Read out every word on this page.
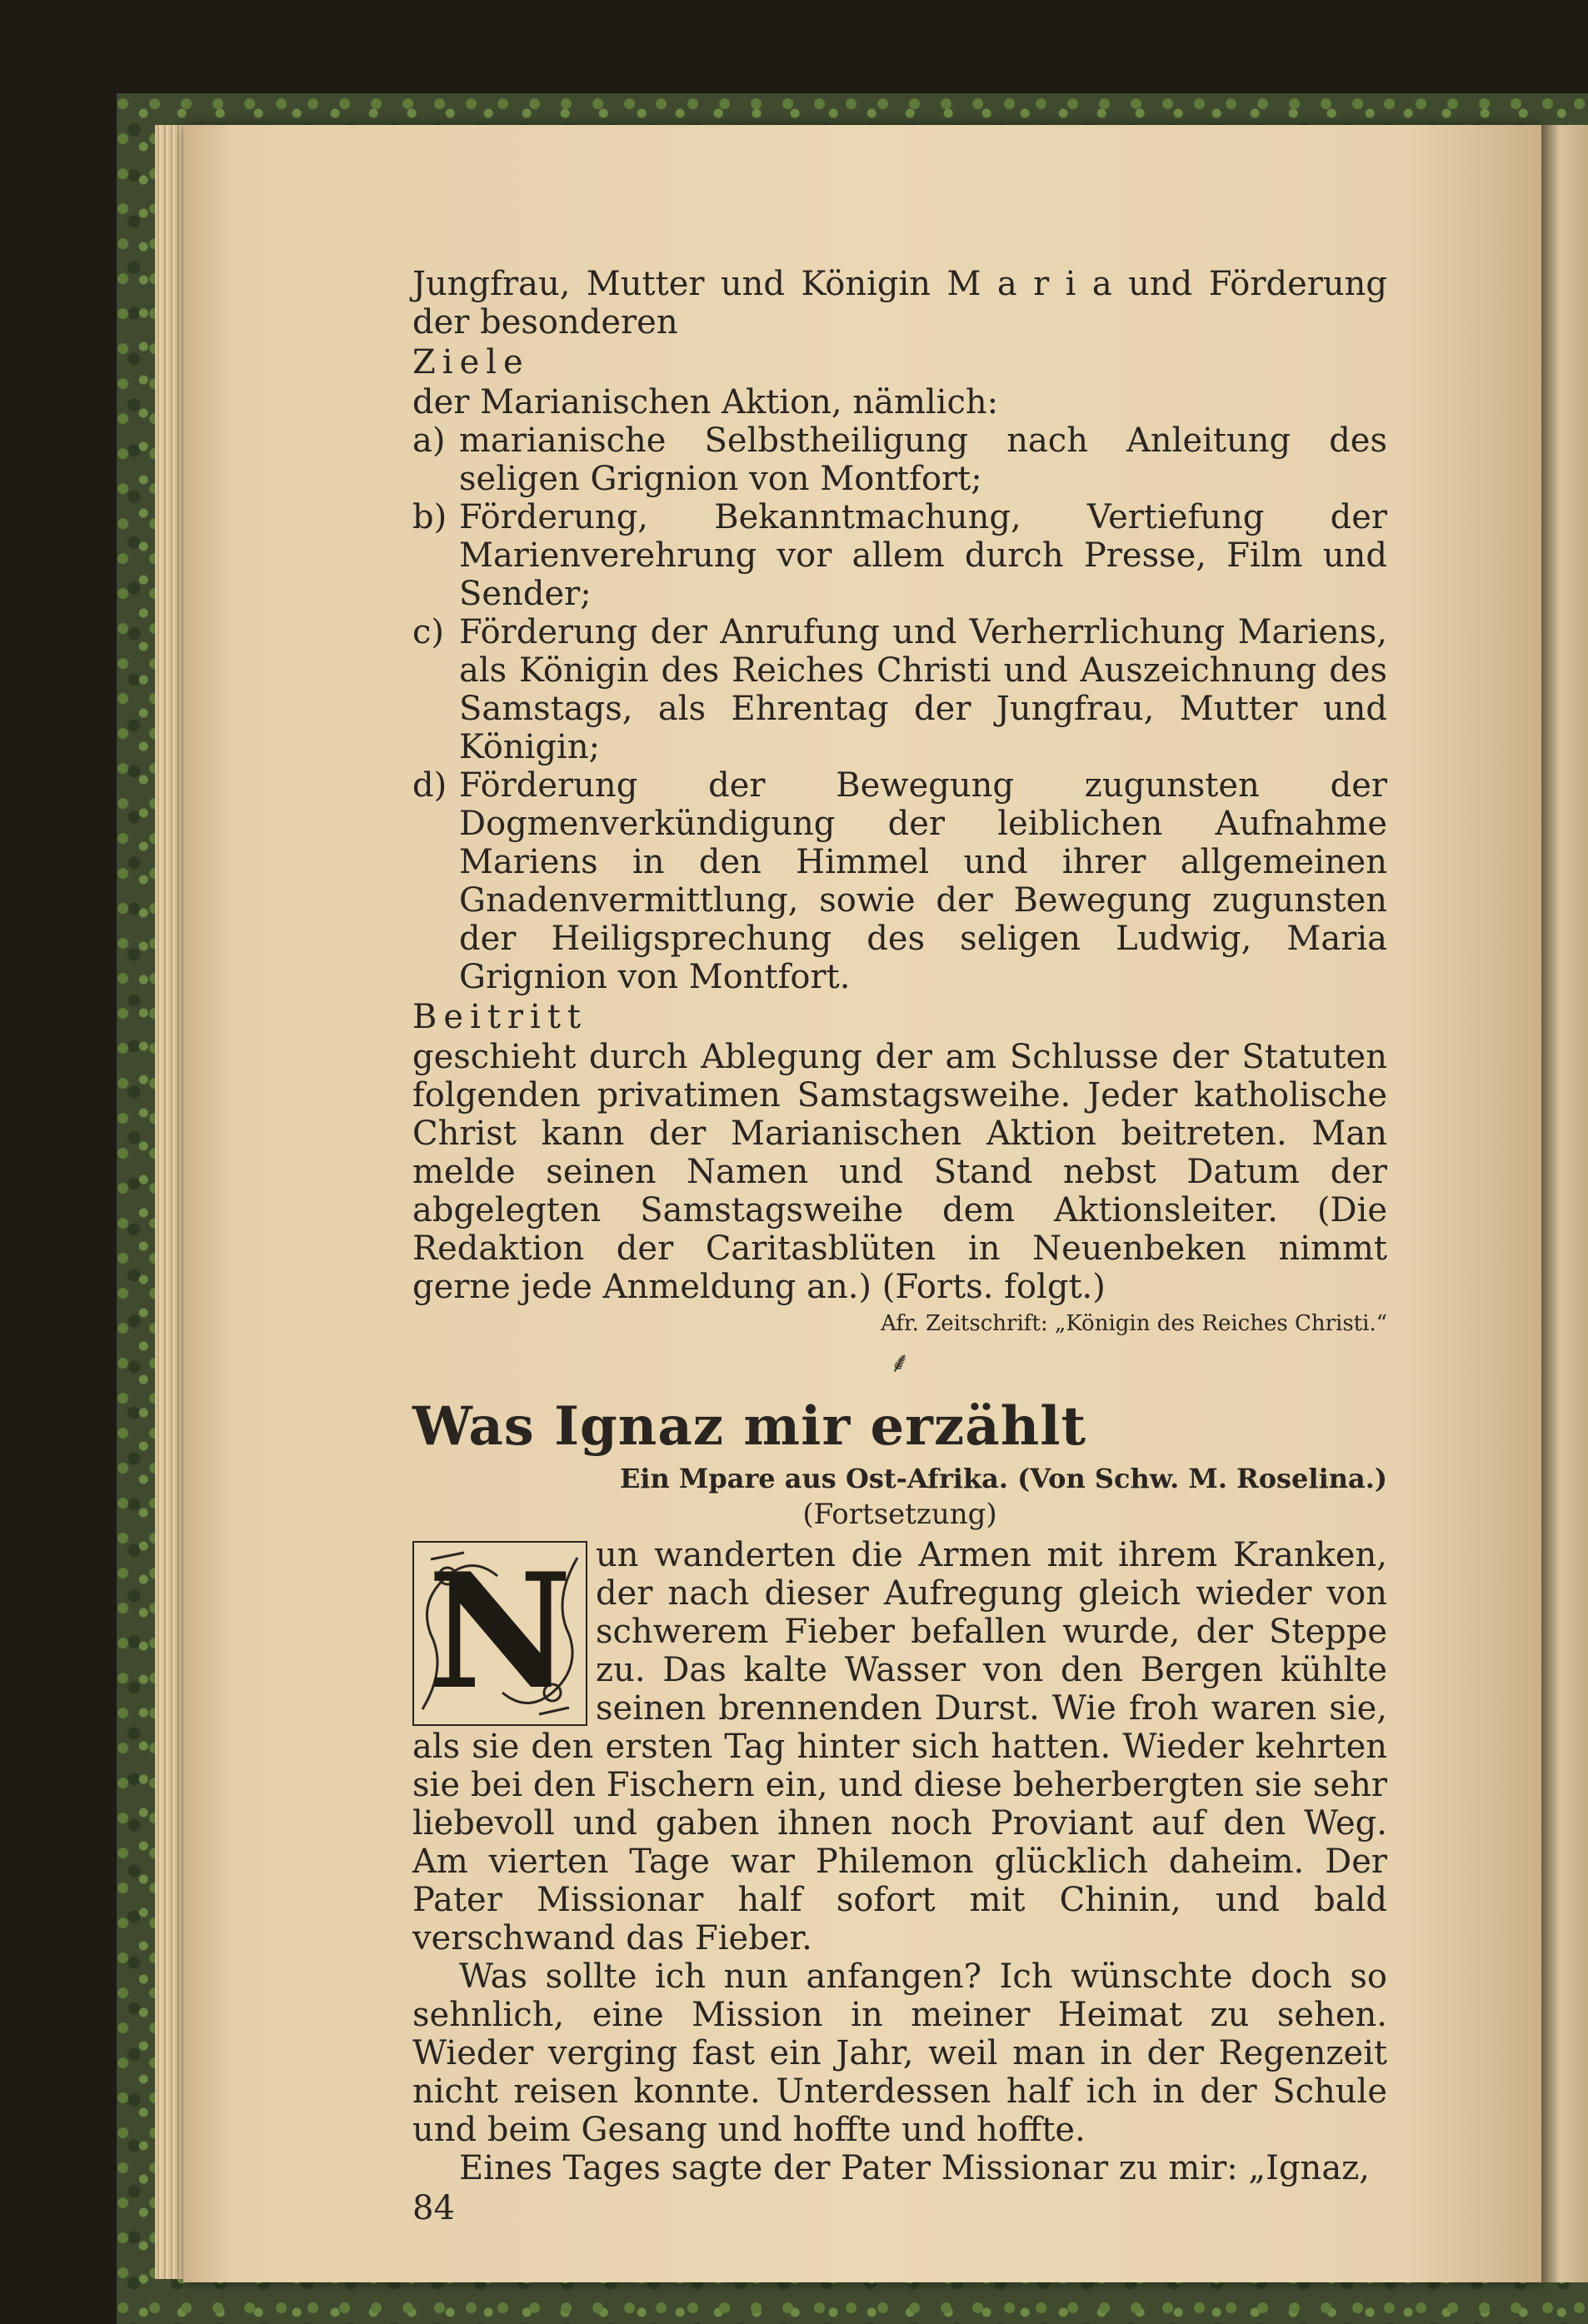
Jungfrau, Mutter und Königin M a r i a und Förderung der besonderen

Ziele

der Marianischen Aktion, nämlich:

a) marianische Selbstheiligung nach Anleitung des seligen Grignion von Montfort;
b) Förderung, Bekanntmachung, Vertiefung der Marienverehrung vor allem durch Presse, Film und Sender;
c) Förderung der Anrufung und Verherrlichung Mariens, als Königin des Reiches Christi und Auszeichnung des Samstags, als Ehrentag der Jungfrau, Mutter und Königin;
d) Förderung der Bewegung zugunsten der Dogmenverkündigung der leiblichen Aufnahme Mariens in den Himmel und ihrer allgemeinen Gnadenvermittlung, sowie der Bewegung zugunsten der Heiligsprechung des seligen Ludwig, Maria Grignion von Montfort.
Beitritt

geschieht durch Ablegung der am Schlusse der Statuten folgenden privatimen Samstagsweihe. Jeder katholische Christ kann der Marianischen Aktion beitreten. Man melde seinen Namen und Stand nebst Datum der abgelegten Samstagsweihe dem Aktionsleiter. (Die Redaktion der Caritasblüten in Neuenbeken nimmt gerne jede Anmeldung an.) (Forts. folgt.)

Afr. Zeitschrift: „Königin des Reiches Christi.“
⸙
Was Ignaz mir erzählt
Ein Mpare aus Ost-Afrika. (Von Schw. M. Roselina.)
(Fortsetzung)
N un wanderten die Armen mit ihrem Kranken, der nach dieser Aufregung gleich wieder von schwerem Fieber befallen wurde, der Steppe zu. Das kalte Wasser von den Bergen kühlte seinen brennenden Durst. Wie froh waren sie, als sie den ersten Tag hinter sich hatten. Wieder kehrten sie bei den Fischern ein, und diese beherbergten sie sehr liebevoll und gaben ihnen noch Proviant auf den Weg. Am vierten Tage war Philemon glücklich daheim. Der Pater Missionar half sofort mit Chinin, und bald verschwand das Fieber.

Was sollte ich nun anfangen? Ich wünschte doch so sehnlich, eine Mission in meiner Heimat zu sehen. Wieder verging fast ein Jahr, weil man in der Regenzeit nicht reisen konnte. Unterdessen half ich in der Schule und beim Gesang und hoffte und hoffte.

Eines Tages sagte der Pater Missionar zu mir: „Ignaz,

84
